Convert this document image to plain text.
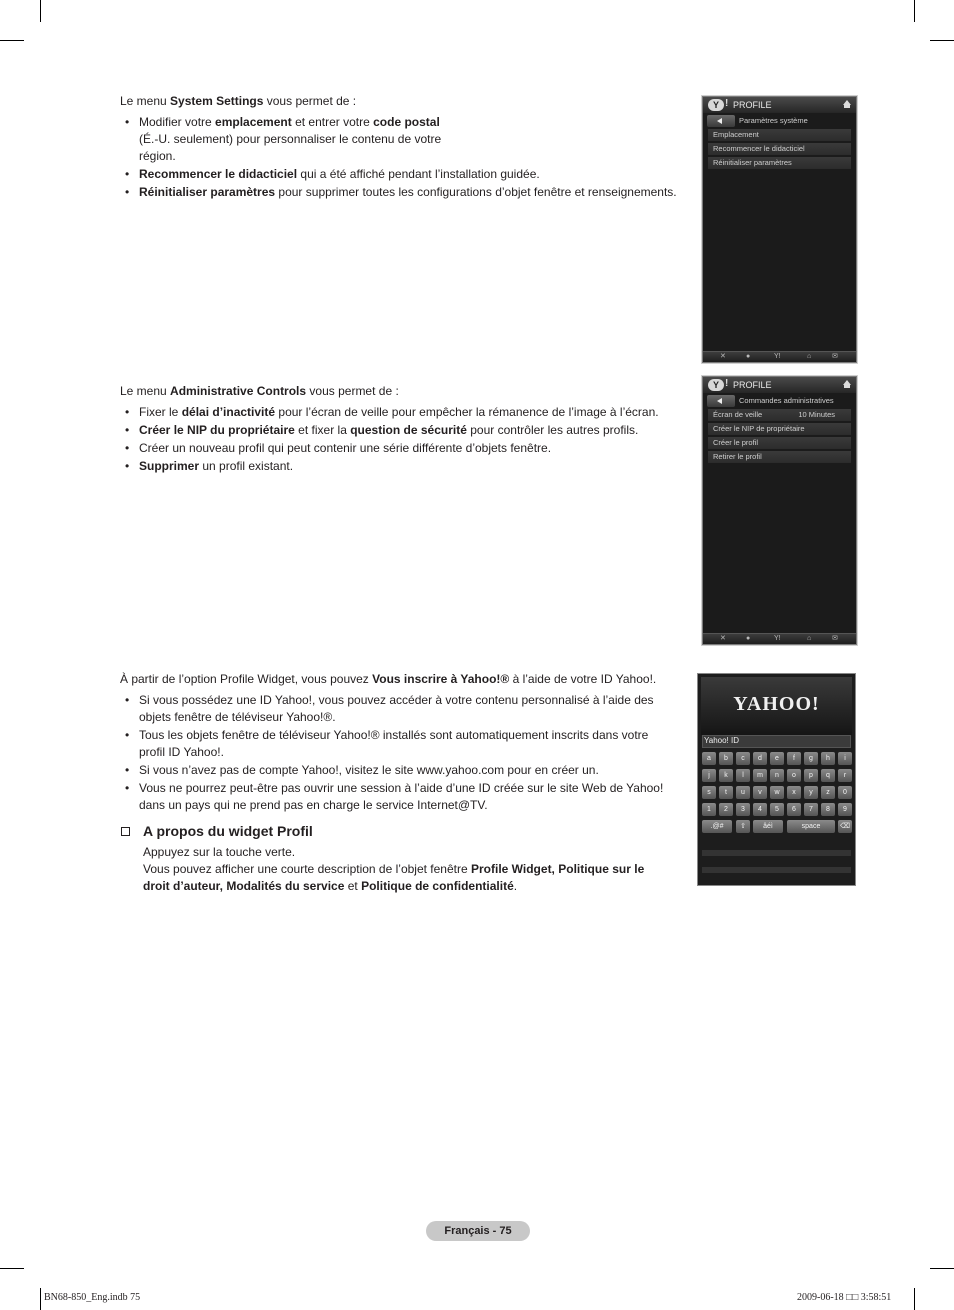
Le menu System Settings vous permet de :

• Modifier votre emplacement et entrer votre code postal (É.-U. seulement) pour personnaliser le contenu de votre
région.
• Recommencer le didacticiel qui a été affiché pendant l’installation guidée.
• Réinitialiser paramètres pour supprimer toutes les configurations d’objet fenêtre et renseignements.
Y ! PROFILE
Paramètres système
Emplacement
Recommencer le didacticiel
Réinitialiser paramètres
✕	●	Y!	⌂	✉

Le menu Administrative Controls vous permet de :

• Fixer le délai d’inactivité pour l’écran de veille pour empêcher la rémanence de l’image à l’écran.
• Créer le NIP du propriétaire et fixer la question de sécurité pour contrôler les autres profils.
• Créer un nouveau profil qui peut contenir une série différente d’objets fenêtre.
• Supprimer un profil existant.
Y ! PROFILE
Commandes administratives
Écran de veille	10 Minutes
Créer le NIP de propriétaire
Créer le profil
Retirer le profil
✕	●	Y!	⌂	✉

À partir de l’option Profile Widget, vous pouvez Vous inscrire à Yahoo!® à l’aide de votre ID Yahoo!.

• Si vous possédez une ID Yahoo!, vous pouvez accéder à votre contenu personnalisé à l’aide des
objets fenêtre de téléviseur Yahoo!®.
• Tous les objets fenêtre de téléviseur Yahoo!® installés sont automatiquement inscrits dans votre
profil ID Yahoo!.
• Si vous n’avez pas de compte Yahoo!, visitez le site www.yahoo.com pour en créer un.
• Vous ne pourrez peut-être pas ouvrir une session à l’aide d’une ID créée sur le site Web de Yahoo!
dans un pays qui ne prend pas en charge le service Internet@TV.
YAHOO!
Yahoo! ID
a	b	c	d	e	f	g	h	i
j	k	l	m	n	o	p	q	r
s	t	u	v	w	x	y	z	0
1	2	3	4	5	6	7	8	9
.@#	⇧	âéì	space	⌫
A propos du widget Profil

Appuyez sur la touche verte.

Vous pouvez afficher une courte description de l’objet fenêtre Profile Widget, Politique sur le

droit d’auteur, Modalités du service et Politique de confidentialité.

Français - 75
BN68-850_Eng.indb 75	2009-06-18 □□ 3:58:51
